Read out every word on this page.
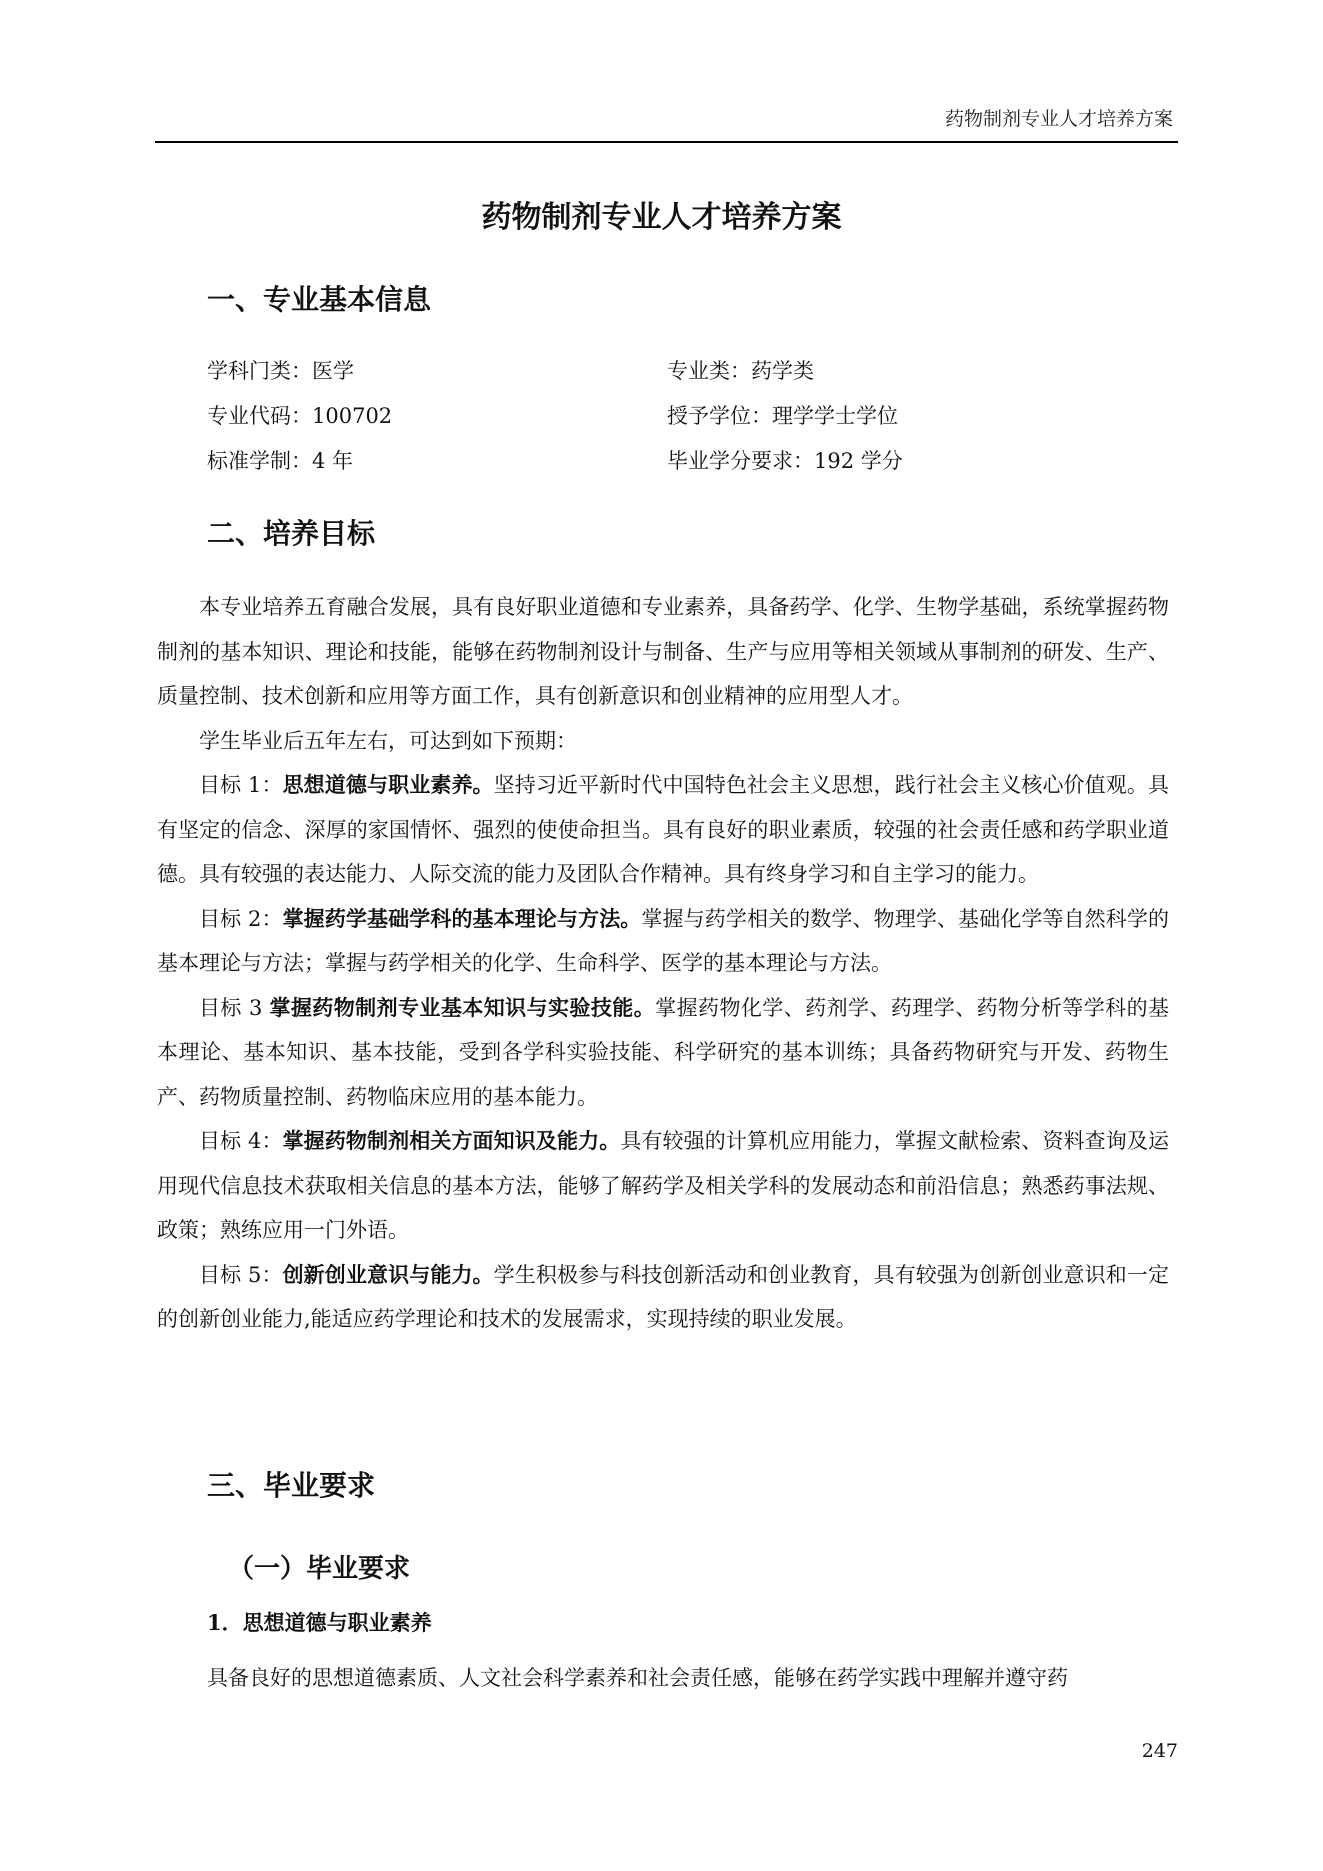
药物制剂专业人才培养方案
药物制剂专业人才培养方案
一、专业基本信息
学科门类：医学	专业类：药学类
专业代码：100702	授予学位：理学学士学位
标准学制：4 年	毕业学分要求：192 学分
二、培养目标

本专业培养五育融合发展，具有良好职业道德和专业素养，具备药学、化学、生物学基础，系统掌握药物制剂的基本知识、理论和技能，能够在药物制剂设计与制备、生产与应用等相关领域从事制剂的研发、生产、质量控制、技术创新和应用等方面工作，具有创新意识和创业精神的应用型人才。

学生毕业后五年左右，可达到如下预期：

目标 1：思想道德与职业素养。坚持习近平新时代中国特色社会主义思想，践行社会主义核心价值观。具有坚定的信念、深厚的家国情怀、强烈的使使命担当。具有良好的职业素质，较强的社会责任感和药学职业道德。具有较强的表达能力、人际交流的能力及团队合作精神。具有终身学习和自主学习的能力。

目标 2：掌握药学基础学科的基本理论与方法。掌握与药学相关的数学、物理学、基础化学等自然科学的基本理论与方法；掌握与药学相关的化学、生命科学、医学的基本理论与方法。

目标 3 掌握药物制剂专业基本知识与实验技能。掌握药物化学、药剂学、药理学、药物分析等学科的基本理论、基本知识、基本技能，受到各学科实验技能、科学研究的基本训练；具备药物研究与开发、药物生产、药物质量控制、药物临床应用的基本能力。

目标 4：掌握药物制剂相关方面知识及能力。具有较强的计算机应用能力，掌握文献检索、资料查询及运用现代信息技术获取相关信息的基本方法，能够了解药学及相关学科的发展动态和前沿信息；熟悉药事法规、政策；熟练应用一门外语。

目标 5：创新创业意识与能力。学生积极参与科技创新活动和创业教育，具有较强为创新创业意识和一定的创新创业能力,能适应药学理论和技术的发展需求，实现持续的职业发展。

三、毕业要求
（一）毕业要求
1．思想道德与职业素养
具备良好的思想道德素质、人文社会科学素养和社会责任感，能够在药学实践中理解并遵守药
247
